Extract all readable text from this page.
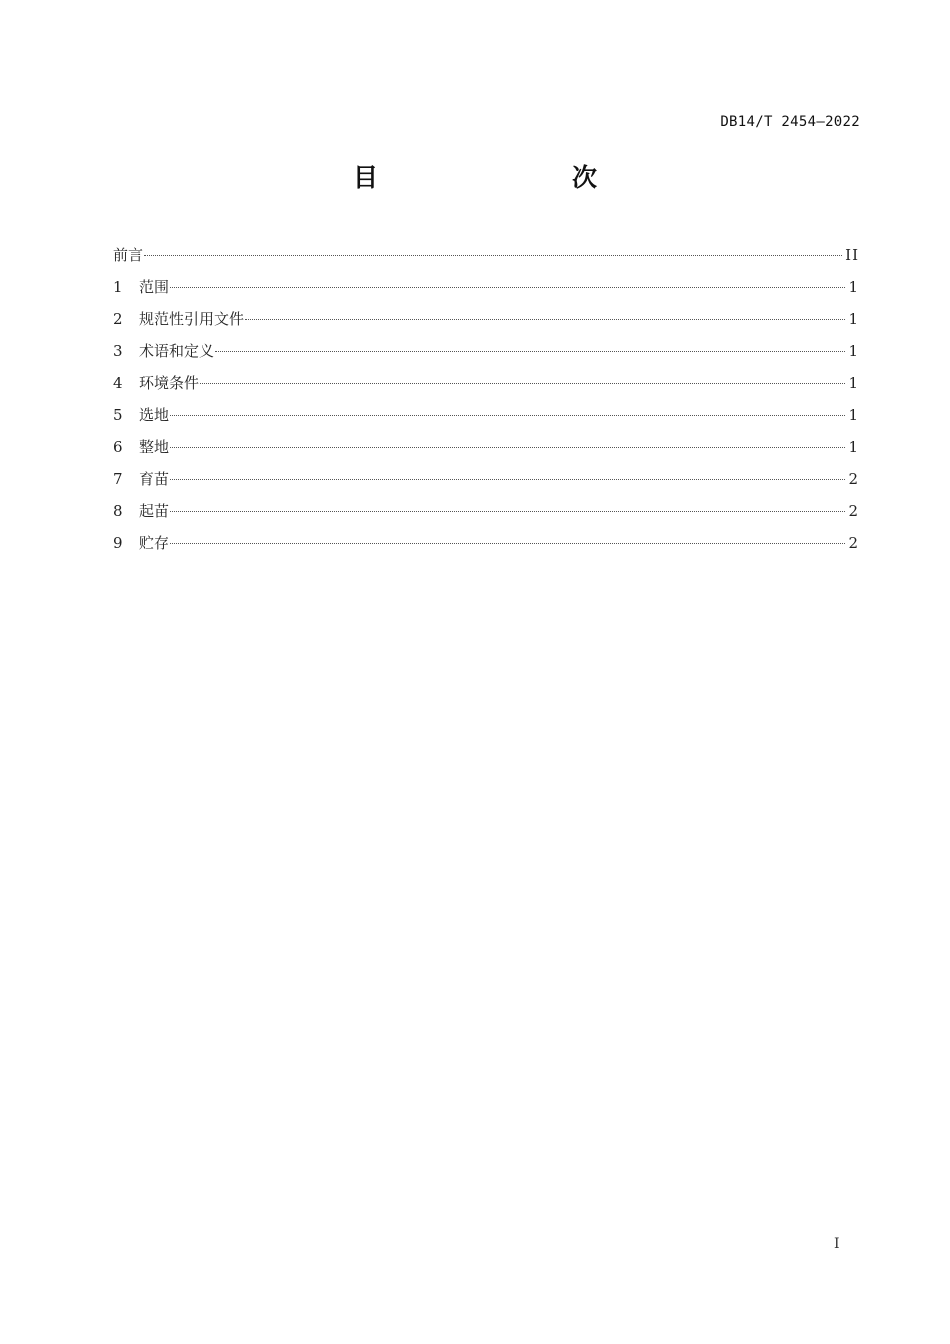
DB14/T 2454—2022
目　　次
前言	II
1	范围	1
2	规范性引用文件	1
3	术语和定义	1
4	环境条件	1
5	选地	1
6	整地	1
7	育苗	2
8	起苗	2
9	贮存	2
I
